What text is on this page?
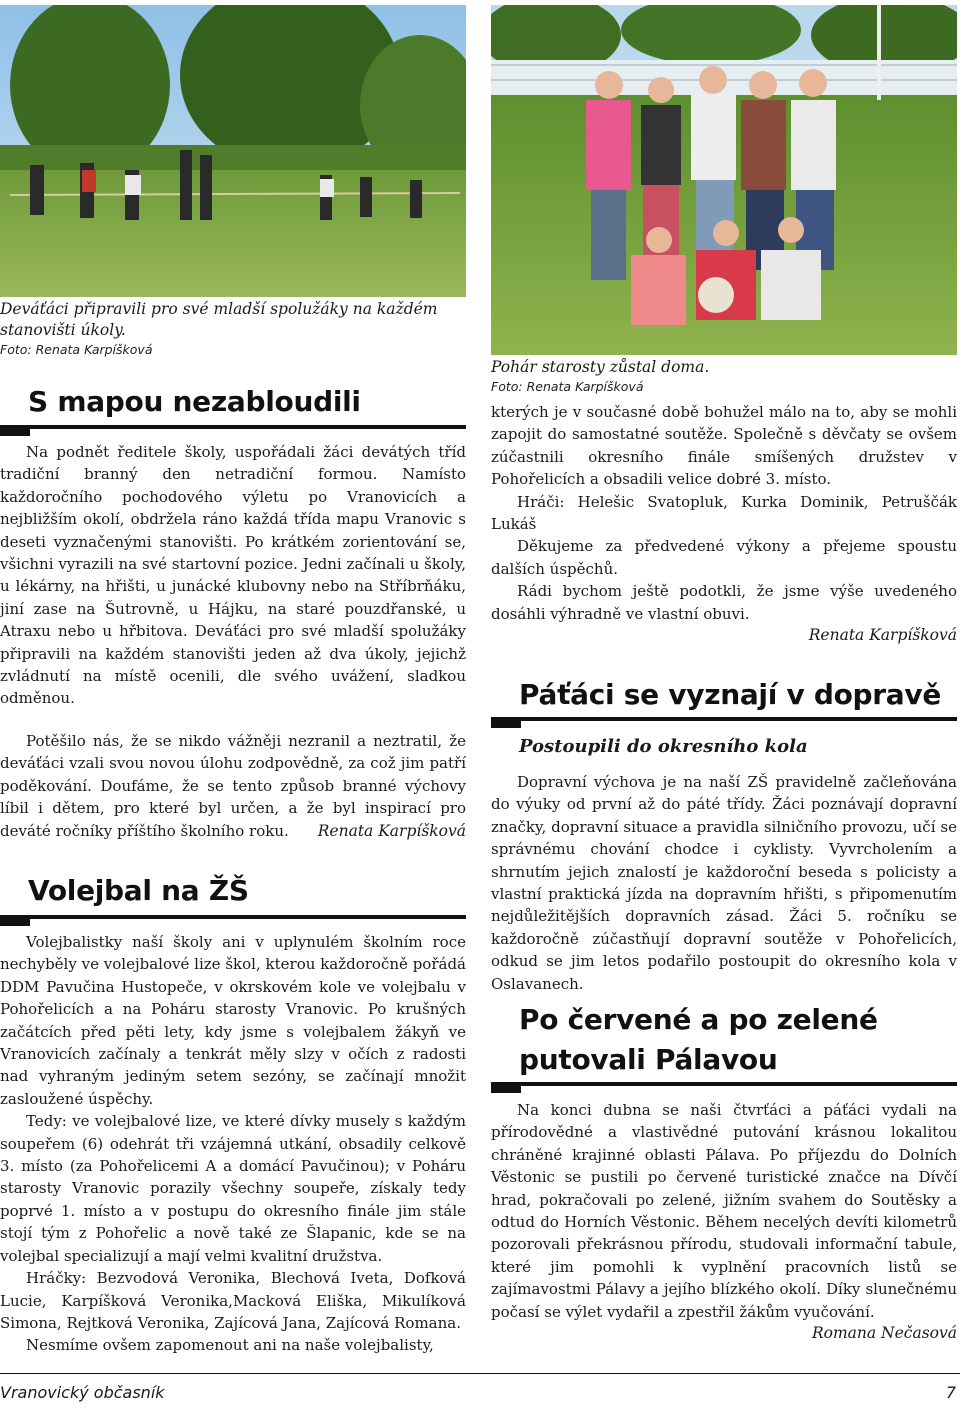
Deváťáci připravili pro své mladší spolužáky na každém stanovišti úkoly.
Foto: Renata Karpíšková
S mapou nezabloudili

Na podnět ředitele školy, uspořádali žáci devátých tříd tradiční branný den netradiční formou. Namísto každoročního pochodového výletu po Vranovicích a nejbližším okolí, obdržela ráno každá třída mapu Vranovic s deseti vyznačenými stanovišti. Po krátkém zorientování se, všichni vyrazili na své startovní pozice. Jedni začínali u školy, u lékárny, na hřišti, u junácké klubovny nebo na Stříbrňáku, jiní zase na Šutrovně, u Hájku, na staré pouzdřanské, u Atraxu nebo u hřbitova. Deváťáci pro své mladší spolužáky připravili na každém stanovišti jeden až dva úkoly, jejichž zvládnutí na místě ocenili, dle svého uvážení, sladkou odměnou.

Potěšilo nás, že se nikdo vážněji nezranil a neztratil, že deváťáci vzali svou novou úlohu zodpovědně, za což jim patří poděkování. Doufáme, že se tento způsob branné výchovy líbil i dětem, pro které byl určen, a že byl inspirací pro deváté ročníky příštího školního roku.	Renata Karpíšková
Volejbal na ŽŠ

Volejbalistky naší školy ani v uplynulém školním roce nechyběly ve volejbalové lize škol, kterou každoročně pořádá DDM Pavučina Hustopeče, v okrskovém kole ve volejbalu v Pohořelicích a na Poháru starosty Vranovic. Po krušných začátcích před pěti lety, kdy jsme s volejbalem žákyň ve Vranovicích začínaly a tenkrát měly slzy v očích z radosti nad vyhraným jediným setem sezóny, se začínají množit zasloužené úspěchy.

Tedy: ve volejbalové lize, ve které dívky musely s každým soupeřem (6) odehrát tři vzájemná utkání, obsadily celkově 3. místo (za Pohořelicemi A a domácí Pavučinou); v Poháru starosty Vranovic porazily všechny soupeře, získaly tedy poprvé 1. místo a v postupu do okresního finále jim stále stojí tým z Pohořelic a nově také ze Šlapanic, kde se na volejbal specializují a mají velmi kvalitní družstva.

Hráčky: Bezvodová Veronika, Blechová Iveta, Dofková Lucie, Karpíšková Veronika,Macková Eliška, Mikulíková Simona, Rejtková Veronika, Zajícová Jana, Zajícová Romana.

Nesmíme ovšem zapomenout ani na naše volejbalisty,

Pohár starosty zůstal doma.
Foto: Renata Karpíšková

kterých je v současné době bohužel málo na to, aby se mohli zapojit do samostatné soutěže. Společně s děvčaty se ovšem zúčastnili okresního finále smíšených družstev v Pohořelicích a obsadili velice dobré 3. místo.

Hráči: Helešic Svatopluk, Kurka Dominik, Petruščák Lukáš

Děkujeme za předvedené výkony a přejeme spoustu dalších úspěchů.

Rádi bychom ještě podotkli, že jsme výše uvedeného dosáhli výhradně ve vlastní obuvi.

Renata Karpíšková
Páťáci se vyznají v dopravě
Postoupili do okresního kola

Dopravní výchova je na naší ZŠ pravidelně začleňována do výuky od první až do páté třídy. Žáci poznávají dopravní značky, dopravní situace a pravidla silničního provozu, učí se správnému chování chodce i cyklisty. Vyvrcholením a shrnutím jejich znalostí je každoroční beseda s policisty a vlastní praktická jízda na dopravním hřišti, s připomenutím nejdůležitějších dopravních zásad. Žáci 5. ročníku se každoročně zúčastňují dopravní soutěže v Pohořelicích, odkud se jim letos podařilo postoupit do okresního kola v Oslavanech.

Po červené a po zelené
putovali Pálavou

Na konci dubna se naši čtvrťáci a páťáci vydali na přírodovědné a vlastivědné putování krásnou lokalitou chráněné krajinné oblasti Pálava. Po příjezdu do Dolních Věstonic se pustili po červené turistické značce na Dívčí hrad, pokračovali po zelené, jižním svahem do Soutěsky a odtud do Horních Věstonic. Během necelých devíti kilometrů pozorovali překrásnou přírodu, studovali informační tabule, které jim pomohli k vyplnění pracovních listů se zajímavostmi Pálavy a jejího blízkého okolí. Díky slunečnému počasí se výlet vydařil a zpestřil žákům vyučování.

Romana Nečasová
Vranovický občasník	7
